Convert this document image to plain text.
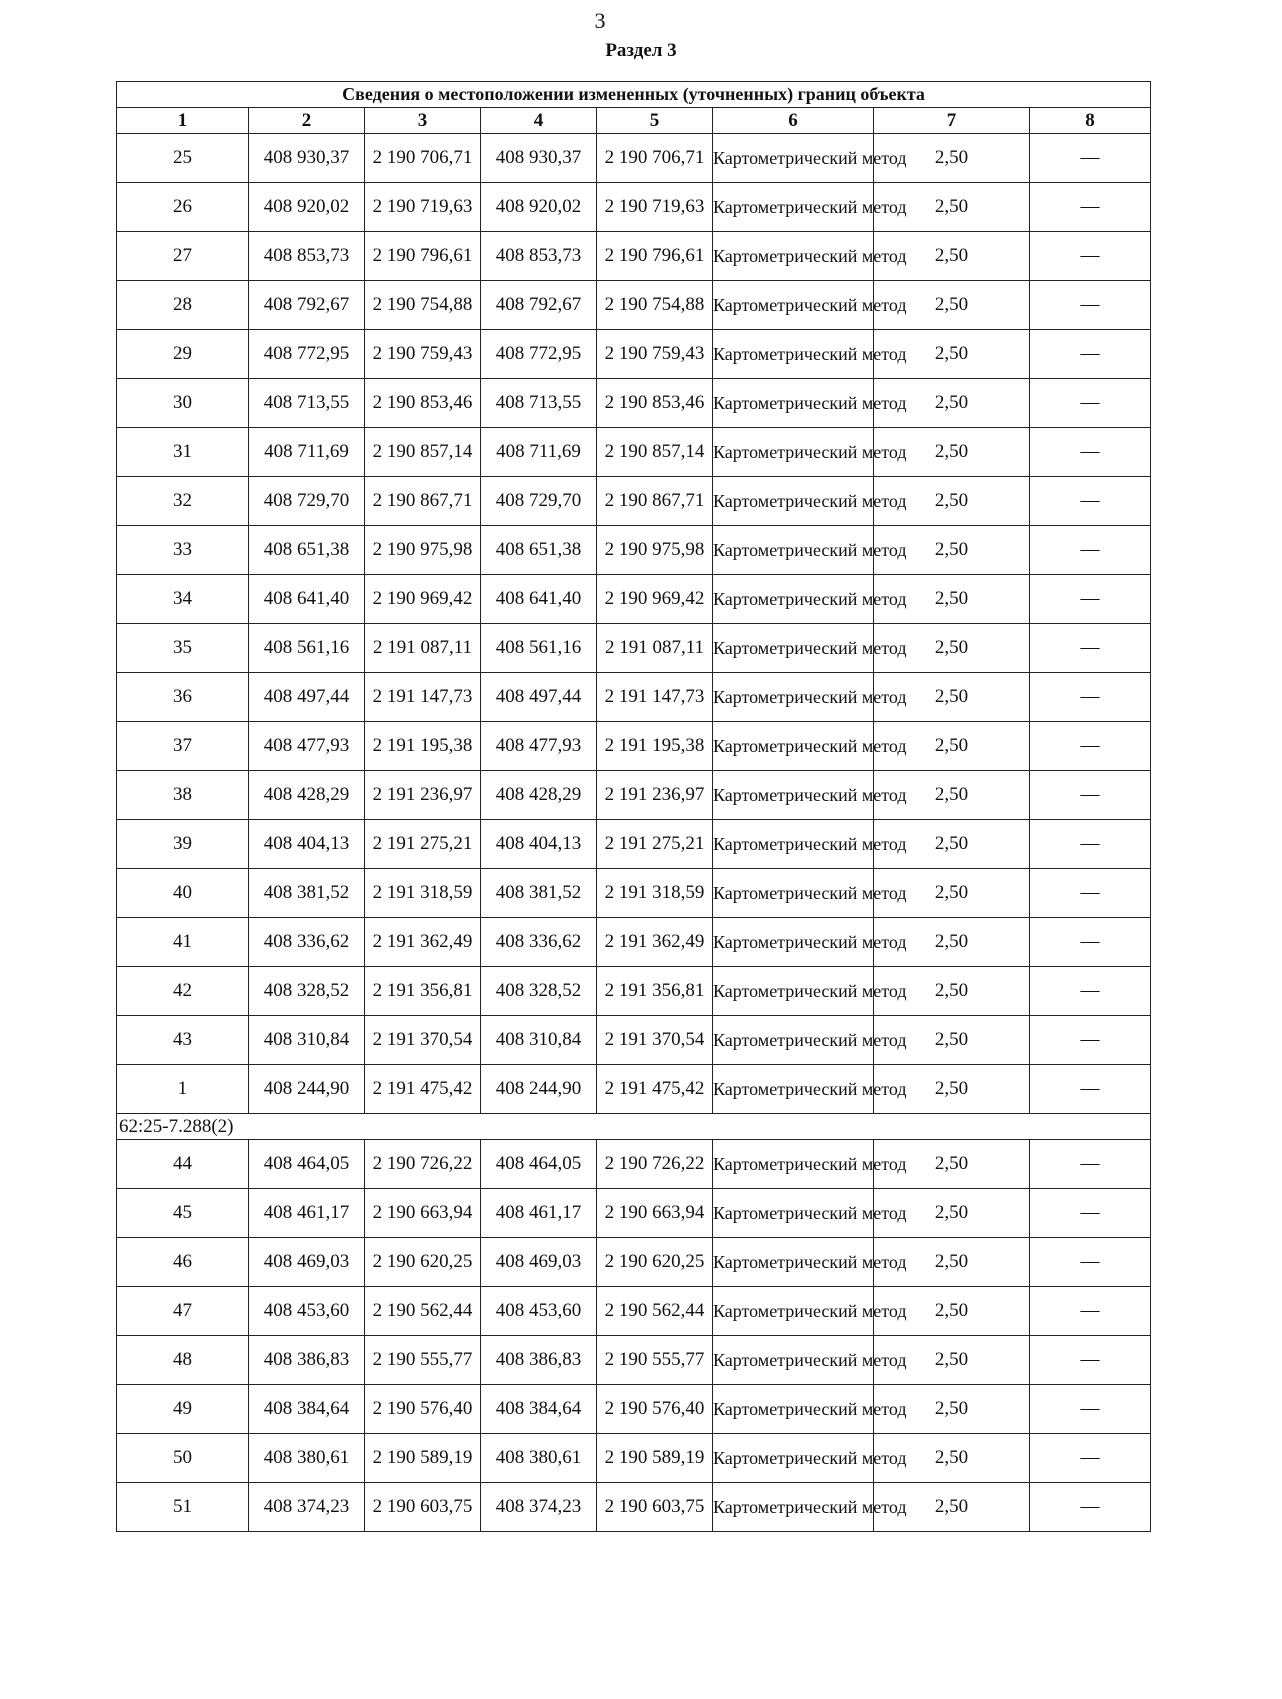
3
Раздел 3
Сведения о местоположении измененных (уточненных) границ объекта							
1	2	3	4	5	6	7	8
25	408 930,37	2 190 706,71	408 930,37	2 190 706,71	Картометрический метод	2,50	—
26	408 920,02	2 190 719,63	408 920,02	2 190 719,63	Картометрический метод	2,50	—
27	408 853,73	2 190 796,61	408 853,73	2 190 796,61	Картометрический метод	2,50	—
28	408 792,67	2 190 754,88	408 792,67	2 190 754,88	Картометрический метод	2,50	—
29	408 772,95	2 190 759,43	408 772,95	2 190 759,43	Картометрический метод	2,50	—
30	408 713,55	2 190 853,46	408 713,55	2 190 853,46	Картометрический метод	2,50	—
31	408 711,69	2 190 857,14	408 711,69	2 190 857,14	Картометрический метод	2,50	—
32	408 729,70	2 190 867,71	408 729,70	2 190 867,71	Картометрический метод	2,50	—
33	408 651,38	2 190 975,98	408 651,38	2 190 975,98	Картометрический метод	2,50	—
34	408 641,40	2 190 969,42	408 641,40	2 190 969,42	Картометрический метод	2,50	—
35	408 561,16	2 191 087,11	408 561,16	2 191 087,11	Картометрический метод	2,50	—
36	408 497,44	2 191 147,73	408 497,44	2 191 147,73	Картометрический метод	2,50	—
37	408 477,93	2 191 195,38	408 477,93	2 191 195,38	Картометрический метод	2,50	—
38	408 428,29	2 191 236,97	408 428,29	2 191 236,97	Картометрический метод	2,50	—
39	408 404,13	2 191 275,21	408 404,13	2 191 275,21	Картометрический метод	2,50	—
40	408 381,52	2 191 318,59	408 381,52	2 191 318,59	Картометрический метод	2,50	—
41	408 336,62	2 191 362,49	408 336,62	2 191 362,49	Картометрический метод	2,50	—
42	408 328,52	2 191 356,81	408 328,52	2 191 356,81	Картометрический метод	2,50	—
43	408 310,84	2 191 370,54	408 310,84	2 191 370,54	Картометрический метод	2,50	—
1	408 244,90	2 191 475,42	408 244,90	2 191 475,42	Картометрический метод	2,50	—
62:25-7.288(2)							
44	408 464,05	2 190 726,22	408 464,05	2 190 726,22	Картометрический метод	2,50	—
45	408 461,17	2 190 663,94	408 461,17	2 190 663,94	Картометрический метод	2,50	—
46	408 469,03	2 190 620,25	408 469,03	2 190 620,25	Картометрический метод	2,50	—
47	408 453,60	2 190 562,44	408 453,60	2 190 562,44	Картометрический метод	2,50	—
48	408 386,83	2 190 555,77	408 386,83	2 190 555,77	Картометрический метод	2,50	—
49	408 384,64	2 190 576,40	408 384,64	2 190 576,40	Картометрический метод	2,50	—
50	408 380,61	2 190 589,19	408 380,61	2 190 589,19	Картометрический метод	2,50	—
51	408 374,23	2 190 603,75	408 374,23	2 190 603,75	Картометрический метод	2,50	—
